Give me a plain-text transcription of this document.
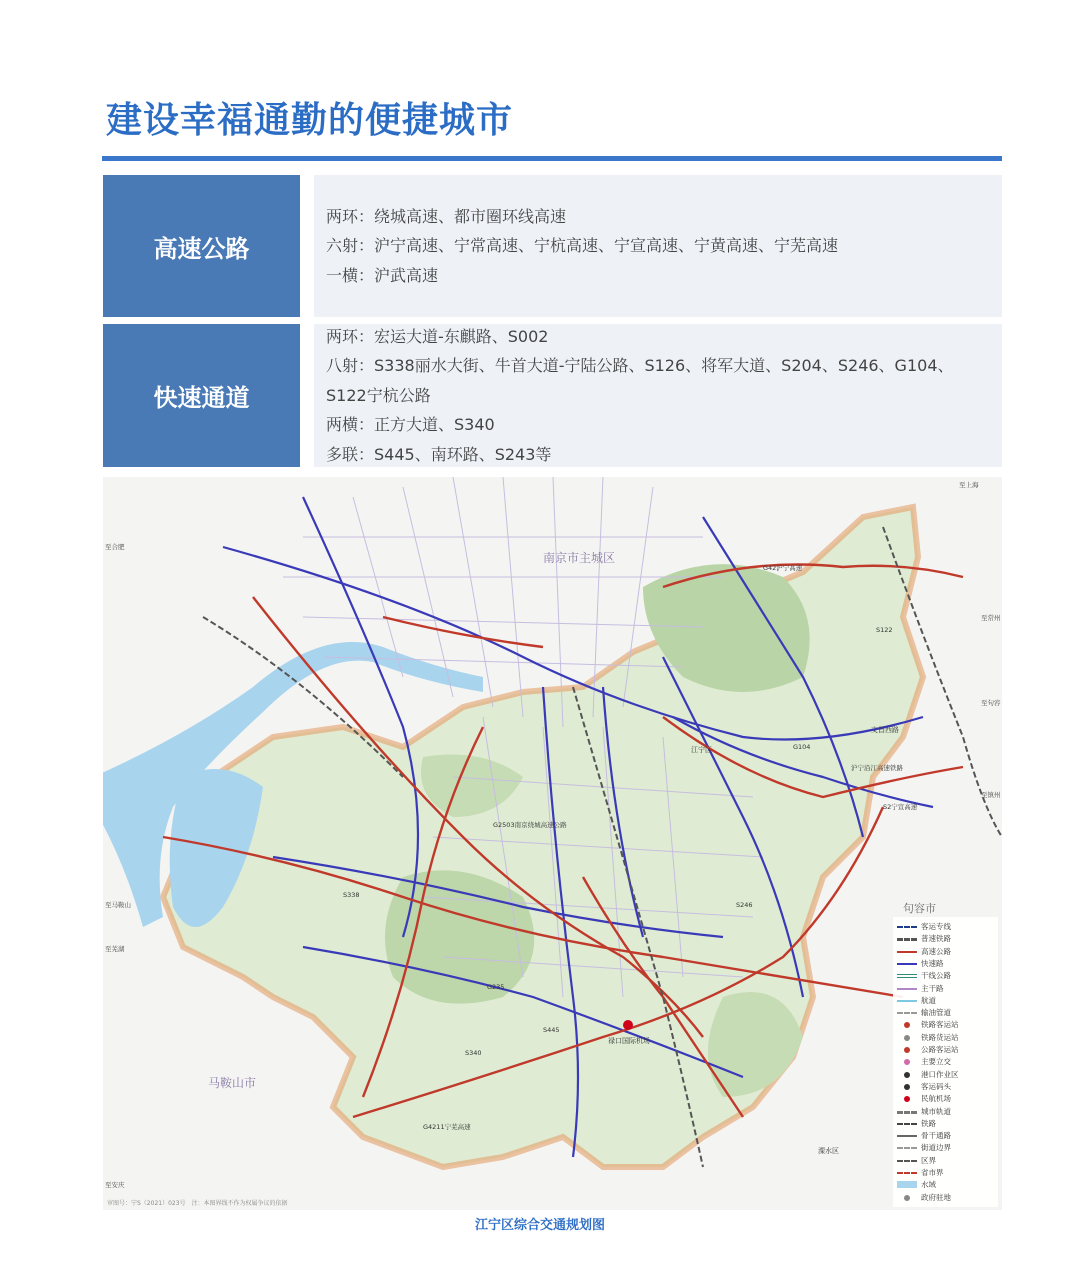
建设幸福通勤的便捷城市
高速公路

两环：绕城高速、都市圈环线高速

六射：沪宁高速、宁常高速、宁杭高速、宁宣高速、宁黄高速、宁芜高速

一横：沪武高速

快速通道

两环：宏运大道-东麒路、S002

八射：S338丽水大街、牛首大道-宁陆公路、S126、将军大道、S204、S246、G104、

S122宁杭公路

两横：正方大道、S340

多联：S445、南环路、S243等

南京市主城区
句容市
马鞍山市
江宁区
溧水区
禄口国际机场
G42沪宁高速
G2503南京绕城高速公路
G4211宁芜高速
S338
S340
S445
G235
G104
S122
S246
S2宁宣高速
沪宁沿江高速铁路
文昌西路
至上海
至常州
至句容
至镇州
至马鞍山
至芜湖
至合肥
至安庆
客运专线
普速铁路
高速公路
快速路
干线公路
主干路
航道
输油管道
铁路客运站
铁路货运站
公路客运站
主要立交
港口作业区
客运码头
民航机场
城市轨道
铁路
骨干通路
街道边界
区界
省市界
水域
政府驻地
审图号：宁S（2021）023号　注：本图界线不作为权属争议的依据
江宁区综合交通规划图
